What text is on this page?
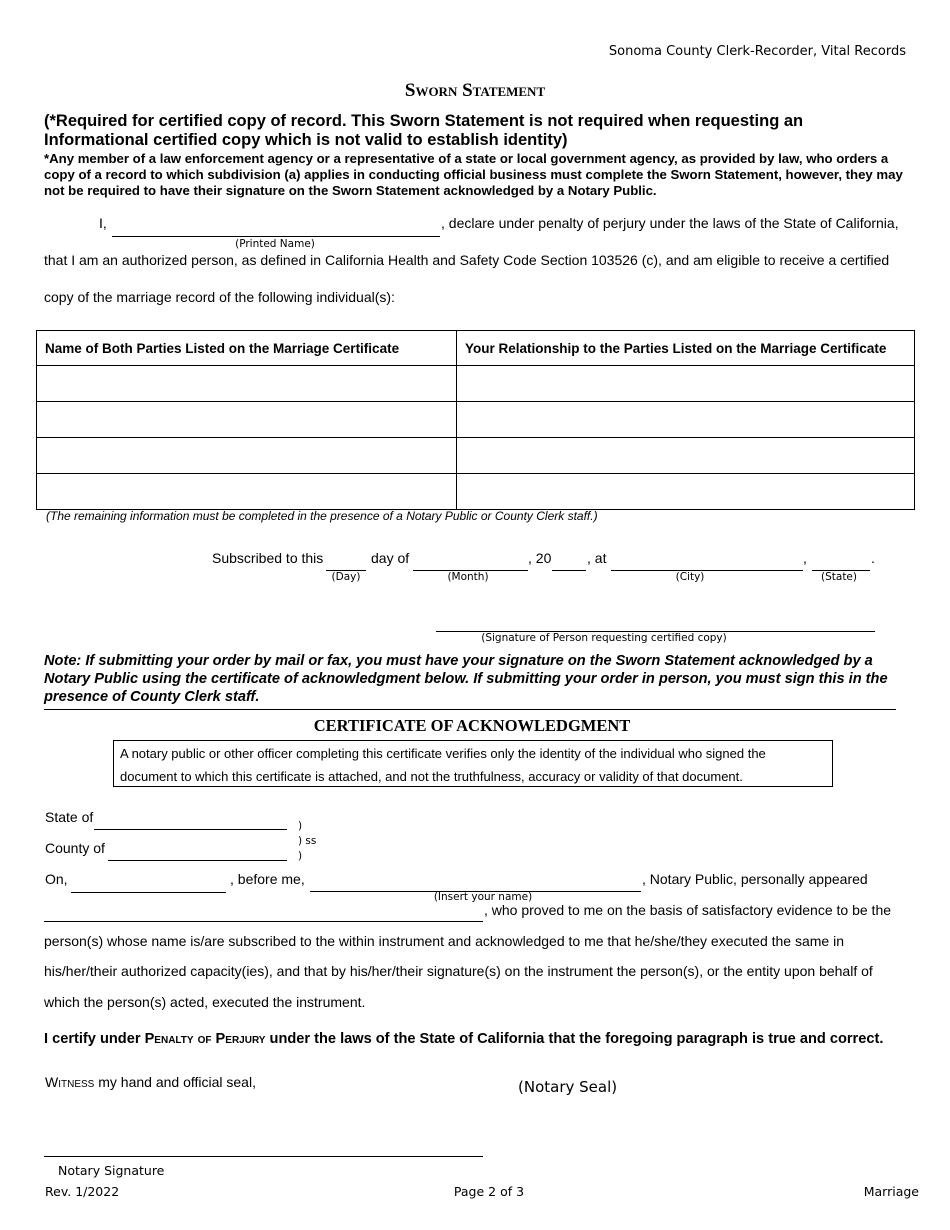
Sonoma County Clerk-Recorder, Vital Records
Sworn Statement
(*Required for certified copy of record. This Sworn Statement is not required when requesting an Informational certified copy which is not valid to establish identity)
*Any member of a law enforcement agency or a representative of a state or local government agency, as provided by law, who orders a copy of a record to which subdivision (a) applies in conducting official business must complete the Sworn Statement, however, they may not be required to have their signature on the Sworn Statement acknowledged by a Notary Public.
I,	, declare under penalty of perjury under the laws of the State of California,
(Printed Name)
that I am an authorized person, as defined in California Health and Safety Code Section 103526 (c), and am eligible to receive a certified
copy of the marriage record of the following individual(s):
Name of Both Parties Listed on the Marriage Certificate	Your Relationship to the Parties Listed on the Marriage Certificate

(The remaining information must be completed in the presence of a Notary Public or County Clerk staff.)
Subscribed to this	day of	, 20	, at	,	.
(Day)	(Month)	(City)	(State)
(Signature of Person requesting certified copy)
Note: If submitting your order by mail or fax, you must have your signature on the Sworn Statement acknowledged by a Notary Public using the certificate of acknowledgment below. If submitting your order in person, you must sign this in the presence of County Clerk staff.
CERTIFICATE OF ACKNOWLEDGMENT
A notary public or other officer completing this certificate verifies only the identity of the individual who signed the document to which this certificate is attached, and not the truthfulness, accuracy or validity of that document.
State of
County of
)
) ss
)
On,	, before me,	, Notary Public, personally appeared
(Insert your name)
, who proved to me on the basis of satisfactory evidence to be the
person(s) whose name is/are subscribed to the within instrument and acknowledged to me that he/she/they executed the same in
his/her/their authorized capacity(ies), and that by his/her/their signature(s) on the instrument the person(s), or the entity upon behalf of
which the person(s) acted, executed the instrument.
I certify under Penalty of Perjury under the laws of the State of California that the foregoing paragraph is true and correct.
Witness my hand and official seal,	(Notary Seal)
Notary Signature
Rev. 1/2022	Page 2 of 3	Marriage
